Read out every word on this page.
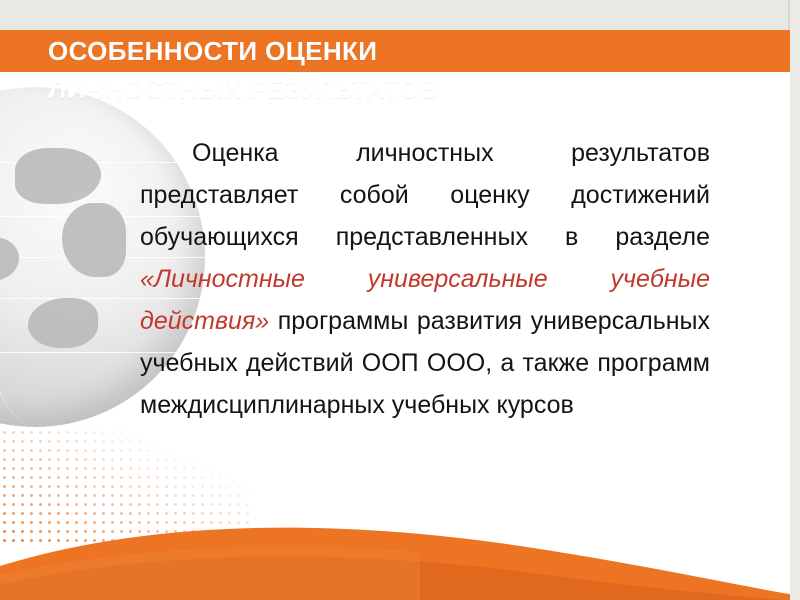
ОСОБЕННОСТИ ОЦЕНКИ
ЛИЧНОСТНЫХ РЕЗУЛЬТАТОВ

Оценка личностных результатов представляет собой оценку достижений обучающихся представленных в разделе «Личностные универсальные учебные действия» программы развития универсальных учебных действий ООП ООО, а также программ междисциплинарных учебных курсов
